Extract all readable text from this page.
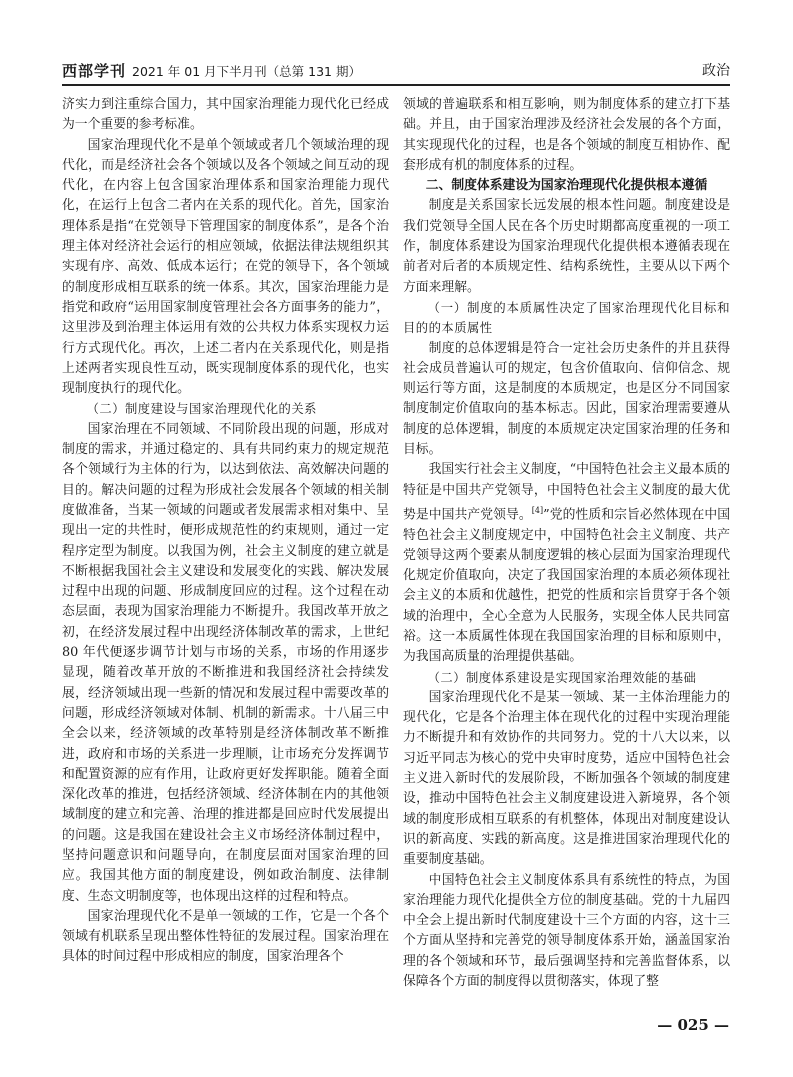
西部学刊 2021 年 01 月下半月刊（总第 131 期）	政治

济实力到注重综合国力，其中国家治理能力现代化已经成为一个重要的参考标准。

国家治理现代化不是单个领域或者几个领域治理的现代化，而是经济社会各个领域以及各个领域之间互动的现代化，在内容上包含国家治理体系和国家治理能力现代化，在运行上包含二者内在关系的现代化。首先，国家治理体系是指“在党领导下管理国家的制度体系”，是各个治理主体对经济社会运行的相应领域，依据法律法规组织其实现有序、高效、低成本运行；在党的领导下，各个领域的制度形成相互联系的统一体系。其次，国家治理能力是指党和政府“运用国家制度管理社会各方面事务的能力”，这里涉及到治理主体运用有效的公共权力体系实现权力运行方式现代化。再次，上述二者内在关系现代化，则是指上述两者实现良性互动，既实现制度体系的现代化，也实现制度执行的现代化。

（二）制度建设与国家治理现代化的关系

国家治理在不同领域、不同阶段出现的问题，形成对制度的需求，并通过稳定的、具有共同约束力的规定规范各个领域行为主体的行为，以达到依法、高效解决问题的目的。解决问题的过程为形成社会发展各个领域的相关制度做准备，当某一领域的问题或者发展需求相对集中、呈现出一定的共性时，便形成规范性的约束规则，通过一定程序定型为制度。以我国为例，社会主义制度的建立就是不断根据我国社会主义建设和发展变化的实践、解决发展过程中出现的问题、形成制度回应的过程。这个过程在动态层面，表现为国家治理能力不断提升。我国改革开放之初，在经济发展过程中出现经济体制改革的需求，上世纪 80 年代便逐步调节计划与市场的关系，市场的作用逐步显现，随着改革开放的不断推进和我国经济社会持续发展，经济领域出现一些新的情况和发展过程中需要改革的问题，形成经济领域对体制、机制的新需求。十八届三中全会以来，经济领域的改革特别是经济体制改革不断推进，政府和市场的关系进一步理顺，让市场充分发挥调节和配置资源的应有作用，让政府更好发挥职能。随着全面深化改革的推进，包括经济领域、经济体制在内的其他领域制度的建立和完善、治理的推进都是回应时代发展提出的问题。这是我国在建设社会主义市场经济体制过程中，坚持问题意识和问题导向，在制度层面对国家治理的回应。我国其他方面的制度建设，例如政治制度、法律制度、生态文明制度等，也体现出这样的过程和特点。

国家治理现代化不是单一领域的工作，它是一个各个领域有机联系呈现出整体性特征的发展过程。国家治理在具体的时间过程中形成相应的制度，国家治理各个

领域的普遍联系和相互影响，则为制度体系的建立打下基础。并且，由于国家治理涉及经济社会发展的各个方面，其实现现代化的过程，也是各个领域的制度互相协作、配套形成有机的制度体系的过程。

二、制度体系建设为国家治理现代化提供根本遵循

制度是关系国家长远发展的根本性问题。制度建设是我们党领导全国人民在各个历史时期都高度重视的一项工作，制度体系建设为国家治理现代化提供根本遵循表现在前者对后者的本质规定性、结构系统性，主要从以下两个方面来理解。

（一）制度的本质属性决定了国家治理现代化目标和目的的本质属性

制度的总体逻辑是符合一定社会历史条件的并且获得社会成员普遍认可的规定，包含价值取向、信仰信念、规则运行等方面，这是制度的本质规定，也是区分不同国家制度制定价值取向的基本标志。因此，国家治理需要遵从制度的总体逻辑，制度的本质规定决定国家治理的任务和目标。

我国实行社会主义制度，“中国特色社会主义最本质的特征是中国共产党领导，中国特色社会主义制度的最大优势是中国共产党领导。[4]”党的性质和宗旨必然体现在中国特色社会主义制度规定中，中国特色社会主义制度、共产党领导这两个要素从制度逻辑的核心层面为国家治理现代化规定价值取向，决定了我国国家治理的本质必须体现社会主义的本质和优越性，把党的性质和宗旨贯穿于各个领域的治理中，全心全意为人民服务，实现全体人民共同富裕。这一本质属性体现在我国国家治理的目标和原则中，为我国高质量的治理提供基础。

（二）制度体系建设是实现国家治理效能的基础

国家治理现代化不是某一领域、某一主体治理能力的现代化，它是各个治理主体在现代化的过程中实现治理能力不断提升和有效协作的共同努力。党的十八大以来，以习近平同志为核心的党中央审时度势，适应中国特色社会主义进入新时代的发展阶段，不断加强各个领域的制度建设，推动中国特色社会主义制度建设进入新境界，各个领域的制度形成相互联系的有机整体，体现出对制度建设认识的新高度、实践的新高度。这是推进国家治理现代化的重要制度基础。

中国特色社会主义制度体系具有系统性的特点，为国家治理能力现代化提供全方位的制度基础。党的十九届四中全会上提出新时代制度建设十三个方面的内容，这十三个方面从坚持和完善党的领导制度体系开始，涵盖国家治理的各个领域和环节，最后强调坚持和完善监督体系，以保障各个方面的制度得以贯彻落实，体现了整

— 025 —
